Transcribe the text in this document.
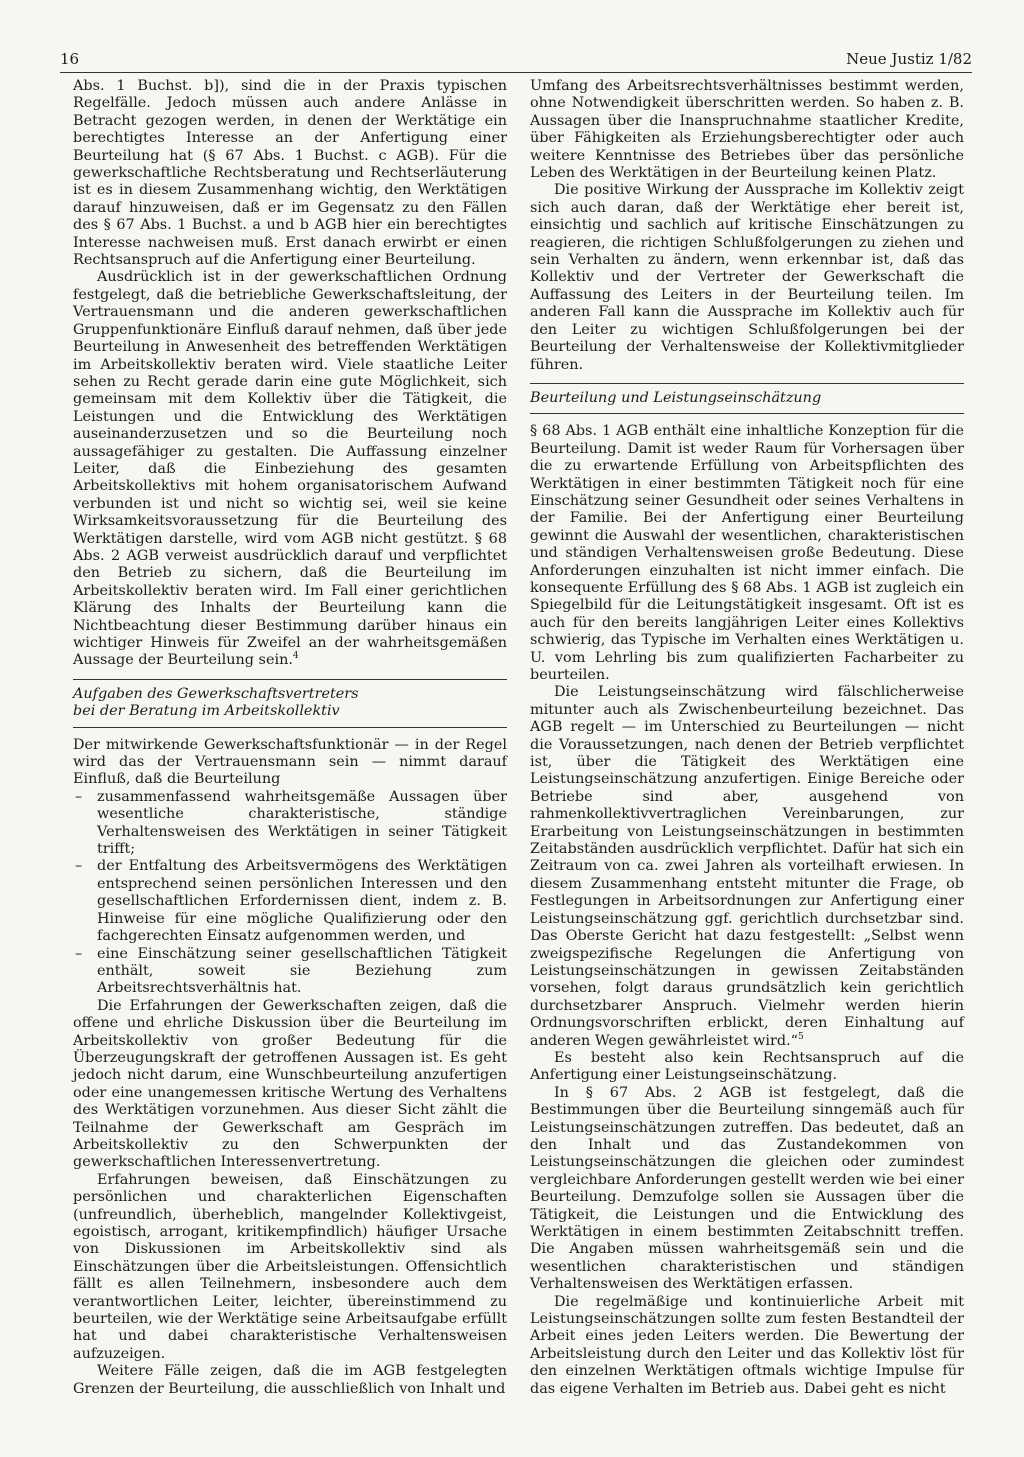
16	Neue Justiz 1/82

Abs. 1 Buchst. b]), sind die in der Praxis typischen Regelfälle. Jedoch müssen auch andere Anlässe in Betracht gezogen werden, in denen der Werktätige ein berechtigtes Interesse an der Anfertigung einer Beurteilung hat (§ 67 Abs. 1 Buchst. c AGB). Für die gewerkschaftliche Rechtsberatung und Rechtserläuterung ist es in diesem Zusammenhang wichtig, den Werktätigen darauf hinzuweisen, daß er im Gegensatz zu den Fällen des § 67 Abs. 1 Buchst. a und b AGB hier ein berechtigtes Interesse nachweisen muß. Erst danach erwirbt er einen Rechtsanspruch auf die Anfertigung einer Beurteilung.

Ausdrücklich ist in der gewerkschaftlichen Ordnung festgelegt, daß die betriebliche Gewerkschaftsleitung, der Vertrauensmann und die anderen gewerkschaftlichen Gruppenfunktionäre Einfluß darauf nehmen, daß über jede Beurteilung in Anwesenheit des betreffenden Werktätigen im Arbeitskollektiv beraten wird. Viele staatliche Leiter sehen zu Recht gerade darin eine gute Möglichkeit, sich gemeinsam mit dem Kollektiv über die Tätigkeit, die Leistungen und die Entwicklung des Werktätigen auseinanderzusetzen und so die Beurteilung noch aussagefähiger zu gestalten. Die Auffassung einzelner Leiter, daß die Einbeziehung des gesamten Arbeitskollektivs mit hohem organisatorischem Aufwand verbunden ist und nicht so wichtig sei, weil sie keine Wirksamkeitsvoraussetzung für die Beurteilung des Werktätigen darstelle, wird vom AGB nicht gestützt. § 68 Abs. 2 AGB verweist ausdrücklich darauf und verpflichtet den Betrieb zu sichern, daß die Beurteilung im Arbeitskollektiv beraten wird. Im Fall einer gerichtlichen Klärung des Inhalts der Beurteilung kann die Nichtbeachtung dieser Bestimmung darüber hinaus ein wichtiger Hinweis für Zweifel an der wahrheitsgemäßen Aussage der Beurteilung sein.$^4$

Aufgaben des Gewerkschaftsvertreters
bei der Beratung im Arbeitskollektiv

Der mitwirkende Gewerkschaftsfunktionär — in der Regel wird das der Vertrauensmann sein — nimmt darauf Einfluß, daß die Beurteilung

– zusammenfassend wahrheitsgemäße Aussagen über wesentliche charakteristische, ständige Verhaltensweisen des Werktätigen in seiner Tätigkeit trifft;
– der Entfaltung des Arbeitsvermögens des Werktätigen entsprechend seinen persönlichen Interessen und den gesellschaftlichen Erfordernissen dient, indem z. B. Hinweise für eine mögliche Qualifizierung oder den fachgerechten Einsatz aufgenommen werden, und
– eine Einschätzung seiner gesellschaftlichen Tätigkeit enthält, soweit sie Beziehung zum Arbeitsrechtsverhältnis hat.

Die Erfahrungen der Gewerkschaften zeigen, daß die offene und ehrliche Diskussion über die Beurteilung im Arbeitskollektiv von großer Bedeutung für die Überzeugungskraft der getroffenen Aussagen ist. Es geht jedoch nicht darum, eine Wunschbeurteilung anzufertigen oder eine unangemessen kritische Wertung des Verhaltens des Werktätigen vorzunehmen. Aus dieser Sicht zählt die Teilnahme der Gewerkschaft am Gespräch im Arbeitskollektiv zu den Schwerpunkten der gewerkschaftlichen Interessenvertretung.

Erfahrungen beweisen, daß Einschätzungen zu persönlichen und charakterlichen Eigenschaften (unfreundlich, überheblich, mangelnder Kollektivgeist, egoistisch, arrogant, kritikempfindlich) häufiger Ursache von Diskussionen im Arbeitskollektiv sind als Einschätzungen über die Arbeitsleistungen. Offensichtlich fällt es allen Teilnehmern, insbesondere auch dem verantwortlichen Leiter, leichter, übereinstimmend zu beurteilen, wie der Werktätige seine Arbeitsaufgabe erfüllt hat und dabei charakteristische Verhaltensweisen aufzuzeigen.

Weitere Fälle zeigen, daß die im AGB festgelegten Grenzen der Beurteilung, die ausschließlich von Inhalt und

Umfang des Arbeitsrechtsverhältnisses bestimmt werden, ohne Notwendigkeit überschritten werden. So haben z. B. Aussagen über die Inanspruchnahme staatlicher Kredite, über Fähigkeiten als Erziehungsberechtigter oder auch weitere Kenntnisse des Betriebes über das persönliche Leben des Werktätigen in der Beurteilung keinen Platz.

Die positive Wirkung der Aussprache im Kollektiv zeigt sich auch daran, daß der Werktätige eher bereit ist, einsichtig und sachlich auf kritische Einschätzungen zu reagieren, die richtigen Schlußfolgerungen zu ziehen und sein Verhalten zu ändern, wenn erkennbar ist, daß das Kollektiv und der Vertreter der Gewerkschaft die Auffassung des Leiters in der Beurteilung teilen. Im anderen Fall kann die Aussprache im Kollektiv auch für den Leiter zu wichtigen Schlußfolgerungen bei der Beurteilung der Verhaltensweise der Kollektivmitglieder führen.

Beurteilung und Leistungseinschätzung

§ 68 Abs. 1 AGB enthält eine inhaltliche Konzeption für die Beurteilung. Damit ist weder Raum für Vorhersagen über die zu erwartende Erfüllung von Arbeitspflichten des Werktätigen in einer bestimmten Tätigkeit noch für eine Einschätzung seiner Gesundheit oder seines Verhaltens in der Familie. Bei der Anfertigung einer Beurteilung gewinnt die Auswahl der wesentlichen, charakteristischen und ständigen Verhaltensweisen große Bedeutung. Diese Anforderungen einzuhalten ist nicht immer einfach. Die konsequente Erfüllung des § 68 Abs. 1 AGB ist zugleich ein Spiegelbild für die Leitungstätigkeit insgesamt. Oft ist es auch für den bereits langjährigen Leiter eines Kollektivs schwierig, das Typische im Verhalten eines Werktätigen u. U. vom Lehrling bis zum qualifizierten Facharbeiter zu beurteilen.

Die Leistungseinschätzung wird fälschlicherweise mitunter auch als Zwischenbeurteilung bezeichnet. Das AGB regelt — im Unterschied zu Beurteilungen — nicht die Voraussetzungen, nach denen der Betrieb verpflichtet ist, über die Tätigkeit des Werktätigen eine Leistungseinschätzung anzufertigen. Einige Bereiche oder Betriebe sind aber, ausgehend von rahmenkollektivvertraglichen Vereinbarungen, zur Erarbeitung von Leistungseinschätzungen in bestimmten Zeitabständen ausdrücklich verpflichtet. Dafür hat sich ein Zeitraum von ca. zwei Jahren als vorteilhaft erwiesen. In diesem Zusammenhang entsteht mitunter die Frage, ob Festlegungen in Arbeitsordnungen zur Anfertigung einer Leistungseinschätzung ggf. gerichtlich durchsetzbar sind. Das Oberste Gericht hat dazu festgestellt: „Selbst wenn zweigspezifische Regelungen die Anfertigung von Leistungseinschätzungen in gewissen Zeitabständen vorsehen, folgt daraus grundsätzlich kein gerichtlich durchsetzbarer Anspruch. Vielmehr werden hierin Ordnungsvorschriften erblickt, deren Einhaltung auf anderen Wegen gewährleistet wird.“$^5$

Es besteht also kein Rechtsanspruch auf die Anfertigung einer Leistungseinschätzung.

In § 67 Abs. 2 AGB ist festgelegt, daß die Bestimmungen über die Beurteilung sinngemäß auch für Leistungseinschätzungen zutreffen. Das bedeutet, daß an den Inhalt und das Zustandekommen von Leistungseinschätzungen die gleichen oder zumindest vergleichbare Anforderungen gestellt werden wie bei einer Beurteilung. Demzufolge sollen sie Aussagen über die Tätigkeit, die Leistungen und die Entwicklung des Werktätigen in einem bestimmten Zeitabschnitt treffen. Die Angaben müssen wahrheitsgemäß sein und die wesentlichen charakteristischen und ständigen Verhaltensweisen des Werktätigen erfassen.

Die regelmäßige und kontinuierliche Arbeit mit Leistungseinschätzungen sollte zum festen Bestandteil der Arbeit eines jeden Leiters werden. Die Bewertung der Arbeitsleistung durch den Leiter und das Kollektiv löst für den einzelnen Werktätigen oftmals wichtige Impulse für das eigene Verhalten im Betrieb aus. Dabei geht es nicht
